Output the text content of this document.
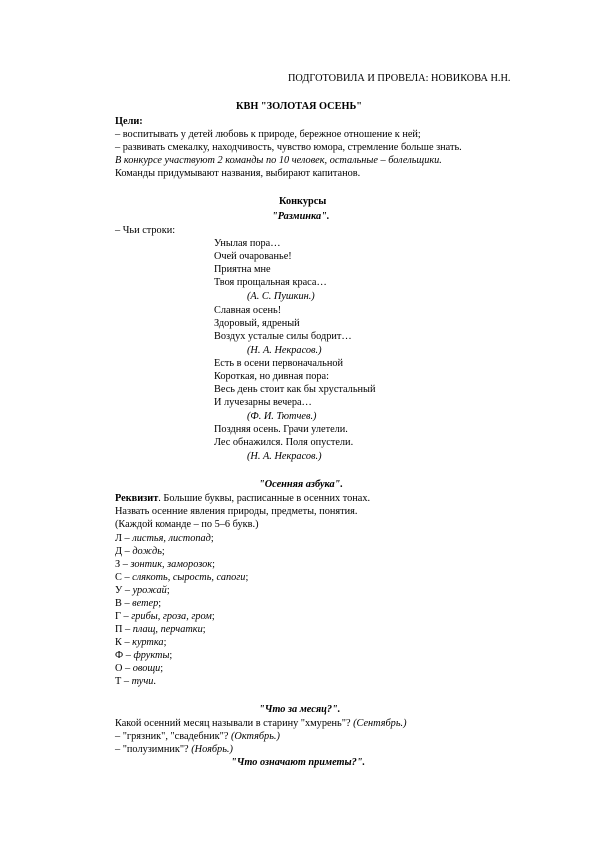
ПОДГОТОВИЛА И ПРОВЕЛА: НОВИКОВА Н.Н.
КВН "ЗОЛОТАЯ ОСЕНЬ"
Цели:
– воспитывать у детей любовь к природе, бережное отношение к ней;
– развивать смекалку, находчивость, чувство юмора, стремление больше знать.
В конкурсе участвуют 2 команды по 10 человек, остальные – болельщики.
Команды придумывают названия, выбирают капитанов.
Конкурсы
"Разминка".
– Чьи строки:
Унылая пора…
Очей очарованье!
Приятна мне
Твоя прощальная краса…
(А. С. Пушкин.)
Славная осень!
Здоровый, ядреный
Воздух усталые силы бодрит…
(Н. А. Некрасов.)
Есть в осени первоначальной
Короткая, но дивная пора:
Весь день стоит как бы хрустальный
И лучезарны вечера…
(Ф. И. Тютчев.)
Поздняя осень. Грачи улетели.
Лес обнажился. Поля опустели.
(Н. А. Некрасов.)
"Осенняя азбука".
Реквизит. Большие буквы, расписанные в осенних тонах.
Назвать осенние явления природы, предметы, понятия.
(Каждой команде – по 5–6 букв.)
Л – листья, листопад;
Д – дождь;
З – зонтик, заморозок;
С – слякоть, сырость, сапоги;
У – урожай;
В – ветер;
Г – грибы, гроза, гром;
П – плащ, перчатки;
К – куртка;
Ф – фрукты;
О – овощи;
Т – тучи.
"Что за месяц?".
Какой осенний месяц называли в старину "хмурень"? (Сентябрь.)
– "грязник", "свадебник"? (Октябрь.)
– "полузимник"? (Ноябрь.)
"Что означают приметы?".
